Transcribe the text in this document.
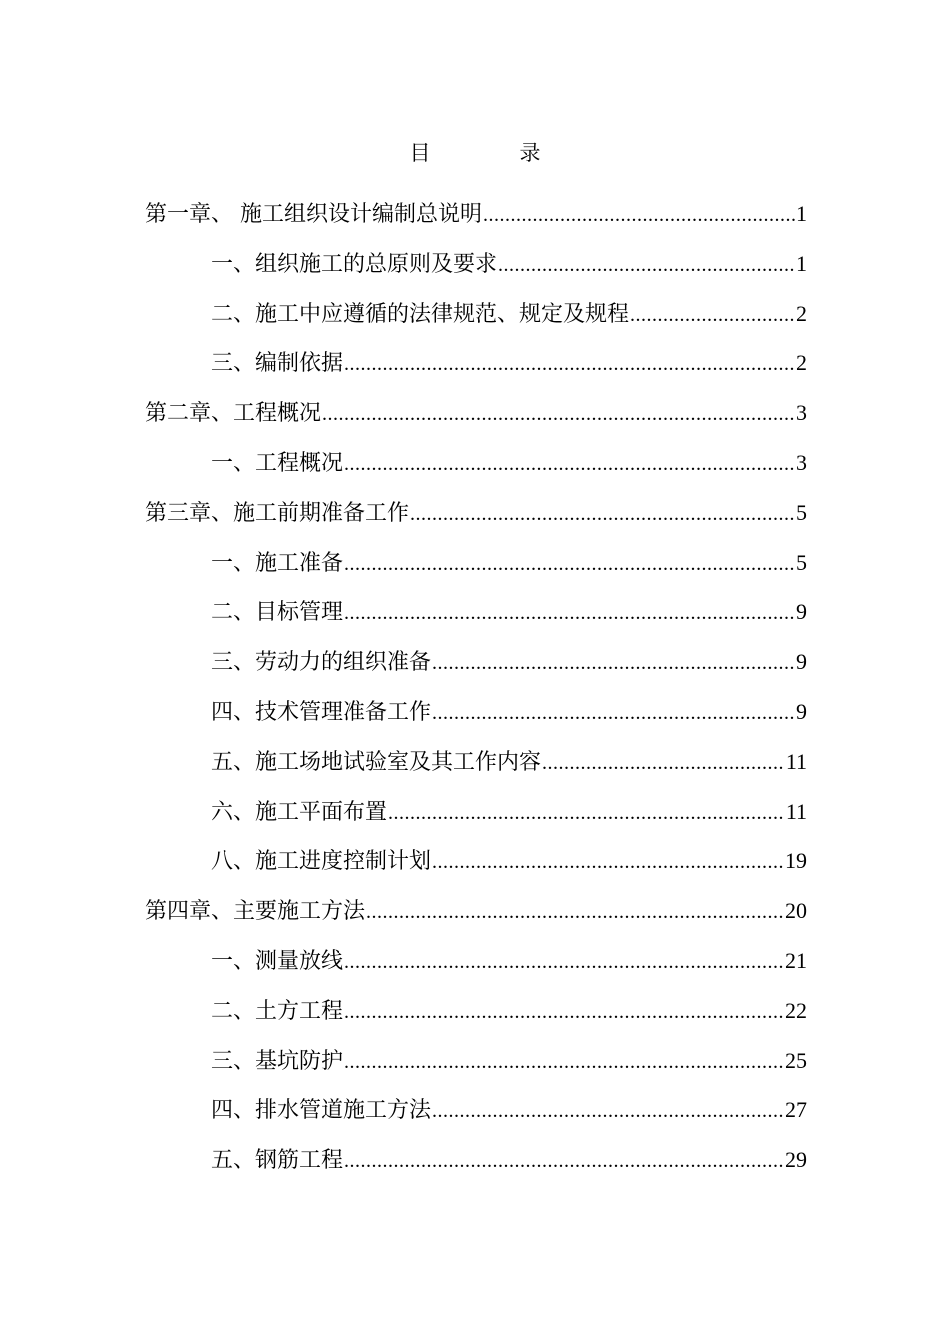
目　录
第一章、 施工组织设计编制总说明 .....	1
一、组织施工的总原则及要求 .....	1
二、施工中应遵循的法律规范、规定及规程 .....	2
三、编制依据 .....	2
第二章、工程概况 .....	3
一、工程概况 .....	3
第三章、施工前期准备工作 .....	5
一、施工准备 .....	5
二、目标管理 .....	9
三、劳动力的组织准备 .....	9
四、技术管理准备工作 .....	9
五、施工场地试验室及其工作内容 .....	11
六、施工平面布置 .....	11
八、施工进度控制计划 .....	19
第四章、主要施工方法 .....	20
一、测量放线 .....	21
二、土方工程 .....	22
三、基坑防护 .....	25
四、排水管道施工方法 .....	27
五、钢筋工程 .....	29
